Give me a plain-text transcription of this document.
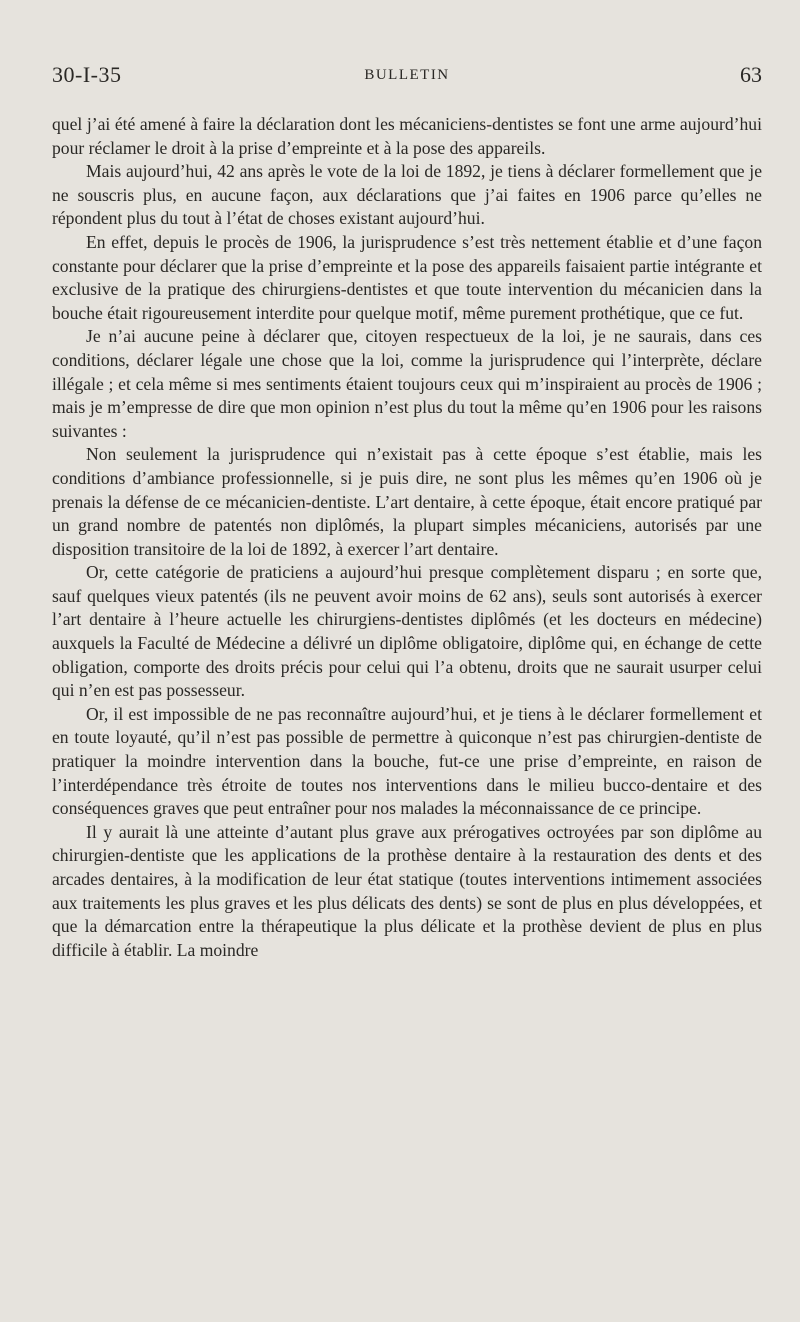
30-I-35	BULLETIN	63

quel j’ai été amené à faire la déclaration dont les mécaniciens-dentistes se font une arme aujourd’hui pour réclamer le droit à la prise d’empreinte et à la pose des appareils.

Mais aujourd’hui, 42 ans après le vote de la loi de 1892, je tiens à déclarer formellement que je ne souscris plus, en aucune façon, aux déclarations que j’ai faites en 1906 parce qu’elles ne répondent plus du tout à l’état de choses existant aujourd’hui.

En effet, depuis le procès de 1906, la jurisprudence s’est très nettement établie et d’une façon constante pour déclarer que la prise d’empreinte et la pose des appareils faisaient partie intégrante et exclusive de la pratique des chirurgiens-dentistes et que toute intervention du mécanicien dans la bouche était rigoureusement interdite pour quelque motif, même purement prothétique, que ce fut.

Je n’ai aucune peine à déclarer que, citoyen respectueux de la loi, je ne saurais, dans ces conditions, déclarer légale une chose que la loi, comme la jurisprudence qui l’interprète, déclare illégale ; et cela même si mes sentiments étaient toujours ceux qui m’inspiraient au procès de 1906 ; mais je m’empresse de dire que mon opinion n’est plus du tout la même qu’en 1906 pour les raisons suivantes :

Non seulement la jurisprudence qui n’existait pas à cette époque s’est établie, mais les conditions d’ambiance professionnelle, si je puis dire, ne sont plus les mêmes qu’en 1906 où je prenais la défense de ce mécanicien-dentiste. L’art dentaire, à cette époque, était encore pratiqué par un grand nombre de patentés non diplômés, la plupart simples mécaniciens, autorisés par une disposition transitoire de la loi de 1892, à exercer l’art dentaire.

Or, cette catégorie de praticiens a aujourd’hui presque complètement disparu ; en sorte que, sauf quelques vieux patentés (ils ne peuvent avoir moins de 62 ans), seuls sont autorisés à exercer l’art dentaire à l’heure actuelle les chirurgiens-dentistes diplômés (et les docteurs en médecine) auxquels la Faculté de Médecine a délivré un diplôme obligatoire, diplôme qui, en échange de cette obligation, comporte des droits précis pour celui qui l’a obtenu, droits que ne saurait usurper celui qui n’en est pas possesseur.

Or, il est impossible de ne pas reconnaître aujourd’hui, et je tiens à le déclarer formellement et en toute loyauté, qu’il n’est pas possible de permettre à quiconque n’est pas chirurgien-dentiste de pratiquer la moindre intervention dans la bouche, fut-ce une prise d’empreinte, en raison de l’interdépendance très étroite de toutes nos interventions dans le milieu bucco-dentaire et des conséquences graves que peut entraîner pour nos malades la méconnaissance de ce principe.

Il y aurait là une atteinte d’autant plus grave aux prérogatives octroyées par son diplôme au chirurgien-dentiste que les applications de la prothèse dentaire à la restauration des dents et des arcades dentaires, à la modification de leur état statique (toutes interventions intimement associées aux traitements les plus graves et les plus délicats des dents) se sont de plus en plus développées, et que la démarcation entre la thérapeutique la plus délicate et la prothèse devient de plus en plus difficile à établir. La moindre
